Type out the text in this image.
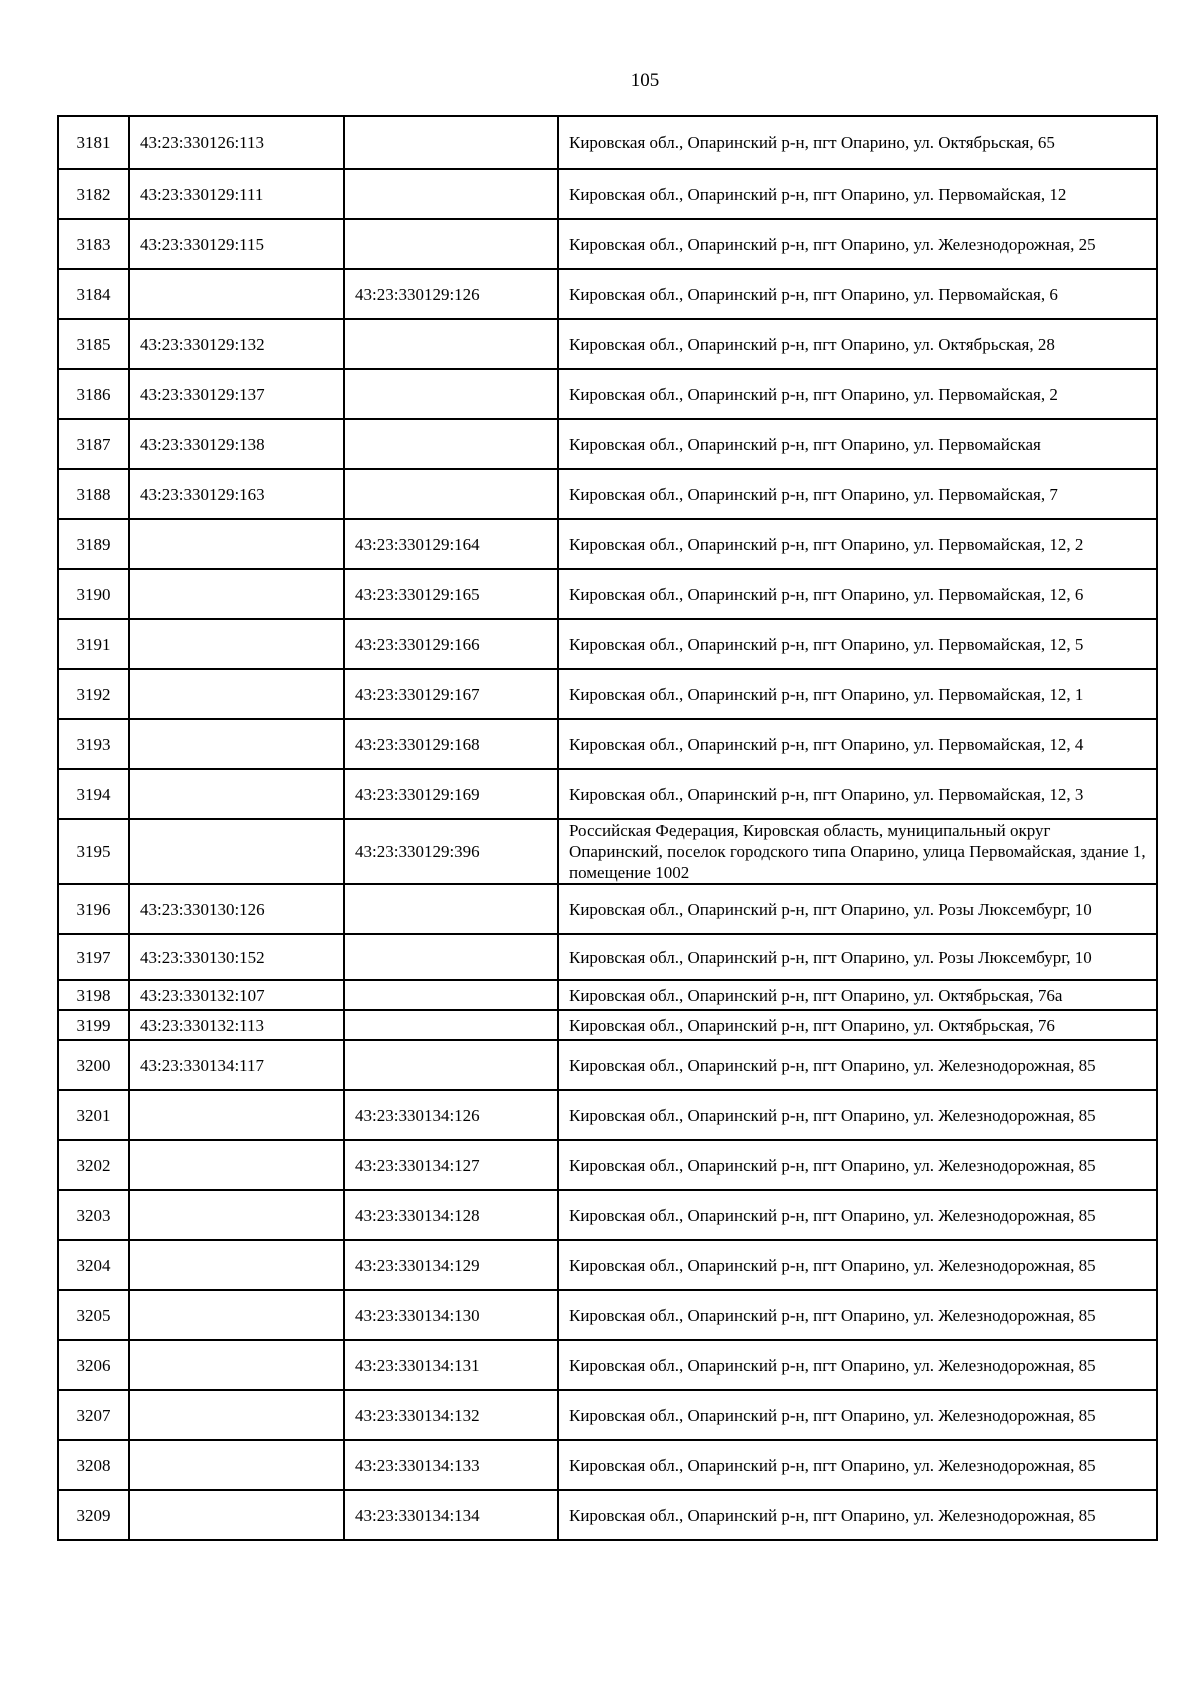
105
3181	43:23:330126:113		Кировская обл., Опаринский р-н, пгт Опарино, ул. Октябрьская, 65
3182	43:23:330129:111		Кировская обл., Опаринский р-н, пгт Опарино, ул. Первомайская, 12
3183	43:23:330129:115		Кировская обл., Опаринский р-н, пгт Опарино, ул. Железнодорожная, 25
3184		43:23:330129:126	Кировская обл., Опаринский р-н, пгт Опарино, ул. Первомайская, 6
3185	43:23:330129:132		Кировская обл., Опаринский р-н, пгт Опарино, ул. Октябрьская, 28
3186	43:23:330129:137		Кировская обл., Опаринский р-н, пгт Опарино, ул. Первомайская, 2
3187	43:23:330129:138		Кировская обл., Опаринский р-н, пгт Опарино, ул. Первомайская
3188	43:23:330129:163		Кировская обл., Опаринский р-н, пгт Опарино, ул. Первомайская, 7
3189		43:23:330129:164	Кировская обл., Опаринский р-н, пгт Опарино, ул. Первомайская, 12, 2
3190		43:23:330129:165	Кировская обл., Опаринский р-н, пгт Опарино, ул. Первомайская, 12, 6
3191		43:23:330129:166	Кировская обл., Опаринский р-н, пгт Опарино, ул. Первомайская, 12, 5
3192		43:23:330129:167	Кировская обл., Опаринский р-н, пгт Опарино, ул. Первомайская, 12, 1
3193		43:23:330129:168	Кировская обл., Опаринский р-н, пгт Опарино, ул. Первомайская, 12, 4
3194		43:23:330129:169	Кировская обл., Опаринский р-н, пгт Опарино, ул. Первомайская, 12, 3
3195		43:23:330129:396	Российская Федерация, Кировская область, муниципальный округ Опаринский, поселок городского типа Опарино, улица Первомайская, здание 1, помещение 1002
3196	43:23:330130:126		Кировская обл., Опаринский р-н, пгт Опарино, ул. Розы Люксембург, 10
3197	43:23:330130:152		Кировская обл., Опаринский р-н, пгт Опарино, ул. Розы Люксембург, 10
3198	43:23:330132:107		Кировская обл., Опаринский р-н, пгт Опарино, ул. Октябрьская, 76а
3199	43:23:330132:113		Кировская обл., Опаринский р-н, пгт Опарино, ул. Октябрьская, 76
3200	43:23:330134:117		Кировская обл., Опаринский р-н, пгт Опарино, ул. Железнодорожная, 85
3201		43:23:330134:126	Кировская обл., Опаринский р-н, пгт Опарино, ул. Железнодорожная, 85
3202		43:23:330134:127	Кировская обл., Опаринский р-н, пгт Опарино, ул. Железнодорожная, 85
3203		43:23:330134:128	Кировская обл., Опаринский р-н, пгт Опарино, ул. Железнодорожная, 85
3204		43:23:330134:129	Кировская обл., Опаринский р-н, пгт Опарино, ул. Железнодорожная, 85
3205		43:23:330134:130	Кировская обл., Опаринский р-н, пгт Опарино, ул. Железнодорожная, 85
3206		43:23:330134:131	Кировская обл., Опаринский р-н, пгт Опарино, ул. Железнодорожная, 85
3207		43:23:330134:132	Кировская обл., Опаринский р-н, пгт Опарино, ул. Железнодорожная, 85
3208		43:23:330134:133	Кировская обл., Опаринский р-н, пгт Опарино, ул. Железнодорожная, 85
3209		43:23:330134:134	Кировская обл., Опаринский р-н, пгт Опарино, ул. Железнодорожная, 85
